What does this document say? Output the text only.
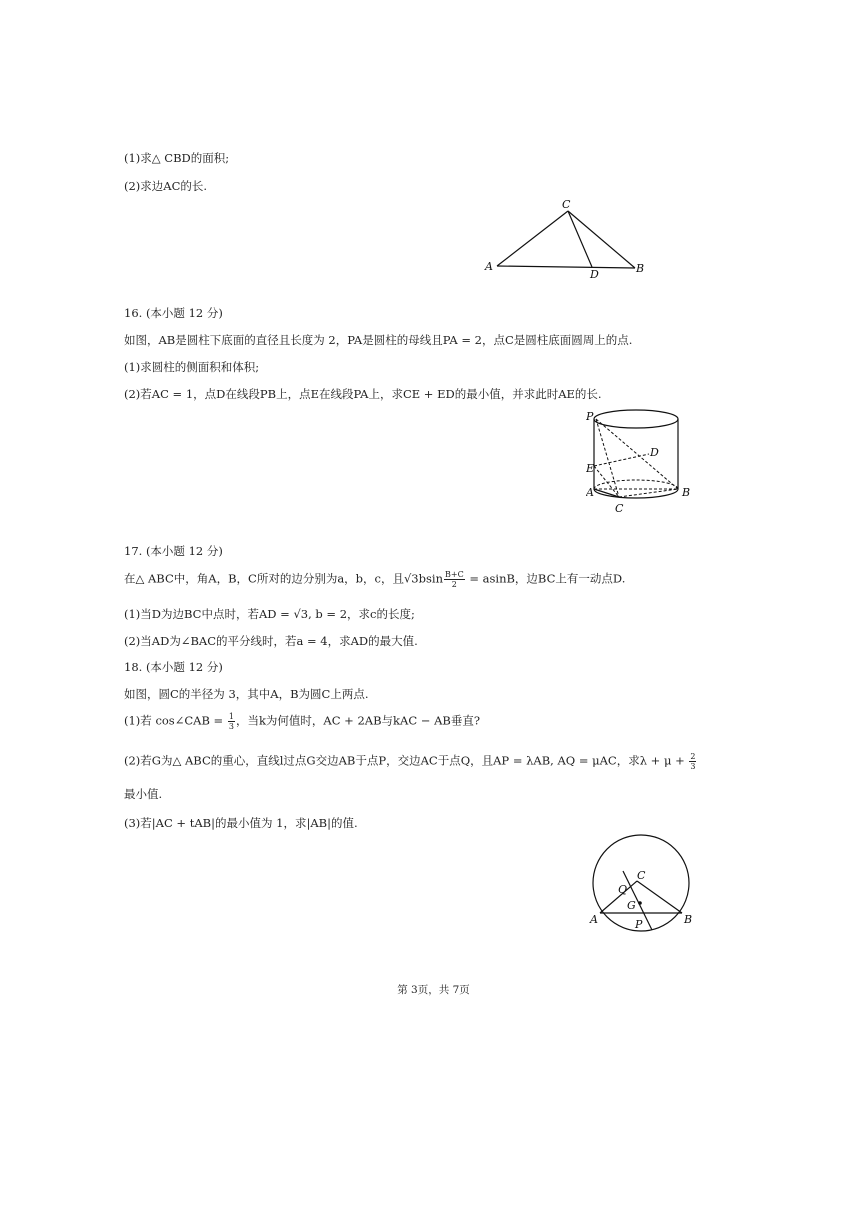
(1)求△ CBD的面积;
(2)求边AC的长.
C
A
D	B
16. (本小题 12 分)
如图，AB是圆柱下底面的直径且长度为 2，PA是圆柱的母线且PA = 2，点C是圆柱底面圆周上的点.
(1)求圆柱的侧面积和体积;
(2)若AC = 1，点D在线段PB上，点E在线段PA上，求CE + ED的最小值，并求此时AE的长.
P
D
E
A	B
C
17. (本小题 12 分)
在△ ABC中，角A，B，C所对的边分别为a，b，c，且$√3bsin \frac{B+C}{2} = asinB$，边BC上有一动点D.
(1)当D为边BC中点时，若AD = √3, b = 2，求c的长度;
(2)当AD为∠BAC的平分线时，若a = 4，求AD的最大值.
18. (本小题 12 分)
如图，圆C的半径为 3，其中A，B为圆C上两点.
(1)若 cos∠CAB = $\frac{1}{3}$ ，当k为何值时，AC + 2AB与kAC − AB垂直?
(2)若G为△ ABC的重心，直线l过点G交边AB于点P，交边AC于点Q，且AP = λAB, AQ = μAC，求$\lambda + \mu + \frac{2}{3}$
最小值.
(3)若|AC + tAB|的最小值为 1，求|AB|的值.
C
Q
G
A	P	B
第 3页，共 7页
